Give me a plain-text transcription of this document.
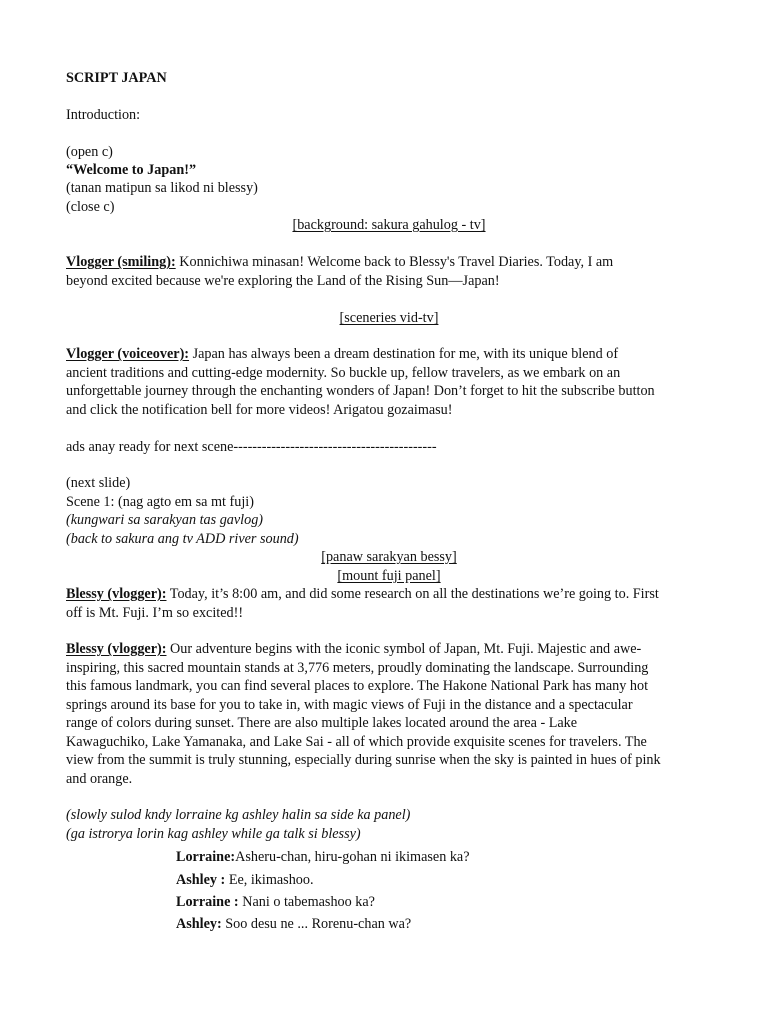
SCRIPT JAPAN
Introduction:
(open c)
“Welcome to Japan!”
(tanan matipun sa likod ni blessy)
(close c)
[background: sakura gahulog - tv]
Vlogger (smiling): Konnichiwa minasan! Welcome back to Blessy's Travel Diaries. Today, I am
beyond excited because we're exploring the Land of the Rising Sun—Japan!
[sceneries vid-tv]
Vlogger (voiceover): Japan has always been a dream destination for me, with its unique blend of
ancient traditions and cutting-edge modernity. So buckle up, fellow travelers, as we embark on an
unforgettable journey through the enchanting wonders of Japan! Don’t forget to hit the subscribe button
and click the notification bell for more videos! Arigatou gozaimasu!
ads anay ready for next scene-------------------------------------------
(next slide)
Scene 1: (nag agto em sa mt fuji)
(kungwari sa sarakyan tas gavlog)
(back to sakura ang tv ADD river sound)
[panaw sarakyan bessy]
[mount fuji panel]
Blessy (vlogger): Today, it’s 8:00 am, and did some research on all the destinations we’re going to. First
off is Mt. Fuji. I’m so excited!!
Blessy (vlogger): Our adventure begins with the iconic symbol of Japan, Mt. Fuji. Majestic and awe-
inspiring, this sacred mountain stands at 3,776 meters, proudly dominating the landscape. Surrounding
this famous landmark, you can find several places to explore. The Hakone National Park has many hot
springs around its base for you to take in, with magic views of Fuji in the distance and a spectacular
range of colors during sunset. There are also multiple lakes located around the area - Lake
Kawaguchiko, Lake Yamanaka, and Lake Sai - all of which provide exquisite scenes for travelers. The
view from the summit is truly stunning, especially during sunrise when the sky is painted in hues of pink
and orange.
(slowly sulod kndy lorraine kg ashley halin sa side ka panel)
(ga istrorya lorin kag ashley while ga talk si blessy)
Lorraine:Asheru-chan, hiru-gohan ni ikimasen ka?
Ashley : Ee, ikimashoo.
Lorraine : Nani o tabemashoo ka?
Ashley: Soo desu ne ... Rorenu-chan wa?
